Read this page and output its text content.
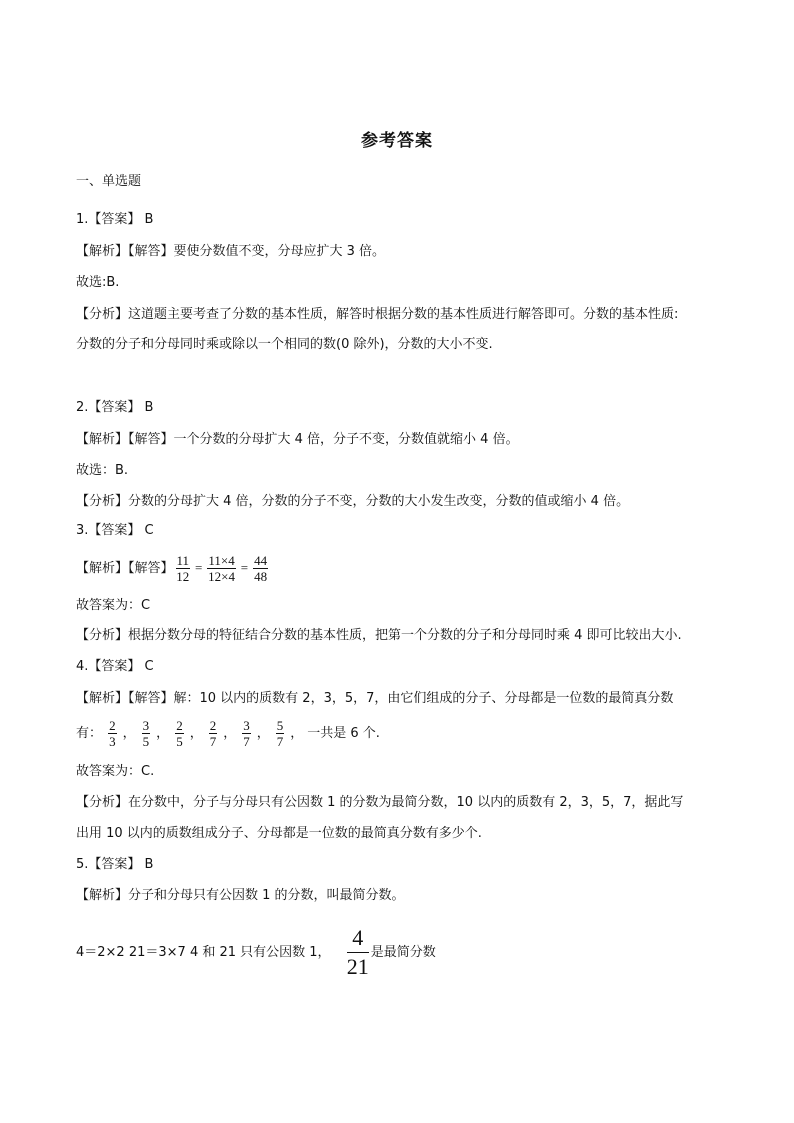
参考答案
一、单选题
1.【答案】 B
【解析】【解答】要使分数值不变，分母应扩大 3 倍。
故选:B.
【分析】这道题主要考查了分数的基本性质，解答时根据分数的基本性质进行解答即可。分数的基本性质:
分数的分子和分母同时乘或除以一个相同的数(0 除外)，分数的大小不变.
2.【答案】 B
【解析】【解答】一个分数的分母扩大 4 倍，分子不变，分数值就缩小 4 倍。
故选：B.
【分析】分数的分母扩大 4 倍，分数的分子不变，分数的大小发生改变，分数的值或缩小 4 倍。
3.【答案】 C
【解析】【解答】 $\frac{11}{12} = \frac{11\times 4}{12\times 4} = \frac{44}{48}$
故答案为：C
【分析】根据分数分母的特征结合分数的基本性质，把第一个分数的分子和分母同时乘 4 即可比较出大小.
4.【答案】 C
【解析】【解答】解：10 以内的质数有 2，3，5，7，由它们组成的分子、分母都是一位数的最简真分数
有： $\frac{2}{3}$ ， $\frac{3}{5}$ ， $\frac{2}{5}$ ， $\frac{2}{7}$ ， $\frac{3}{7}$ ， $\frac{5}{7}$ ， 一共是 6 个.
故答案为：C.
【分析】在分数中，分子与分母只有公因数 1 的分数为最简分数，10 以内的质数有 2，3，5，7，据此写
出用 10 以内的质数组成分子、分母都是一位数的最简真分数有多少个.
5.【答案】 B
【解析】分子和分母只有公因数 1 的分数，叫最简分数。
4＝2×2 21＝3×7 4 和 21 只有公因数 1， $\frac{4}{21}$ 是最简分数
